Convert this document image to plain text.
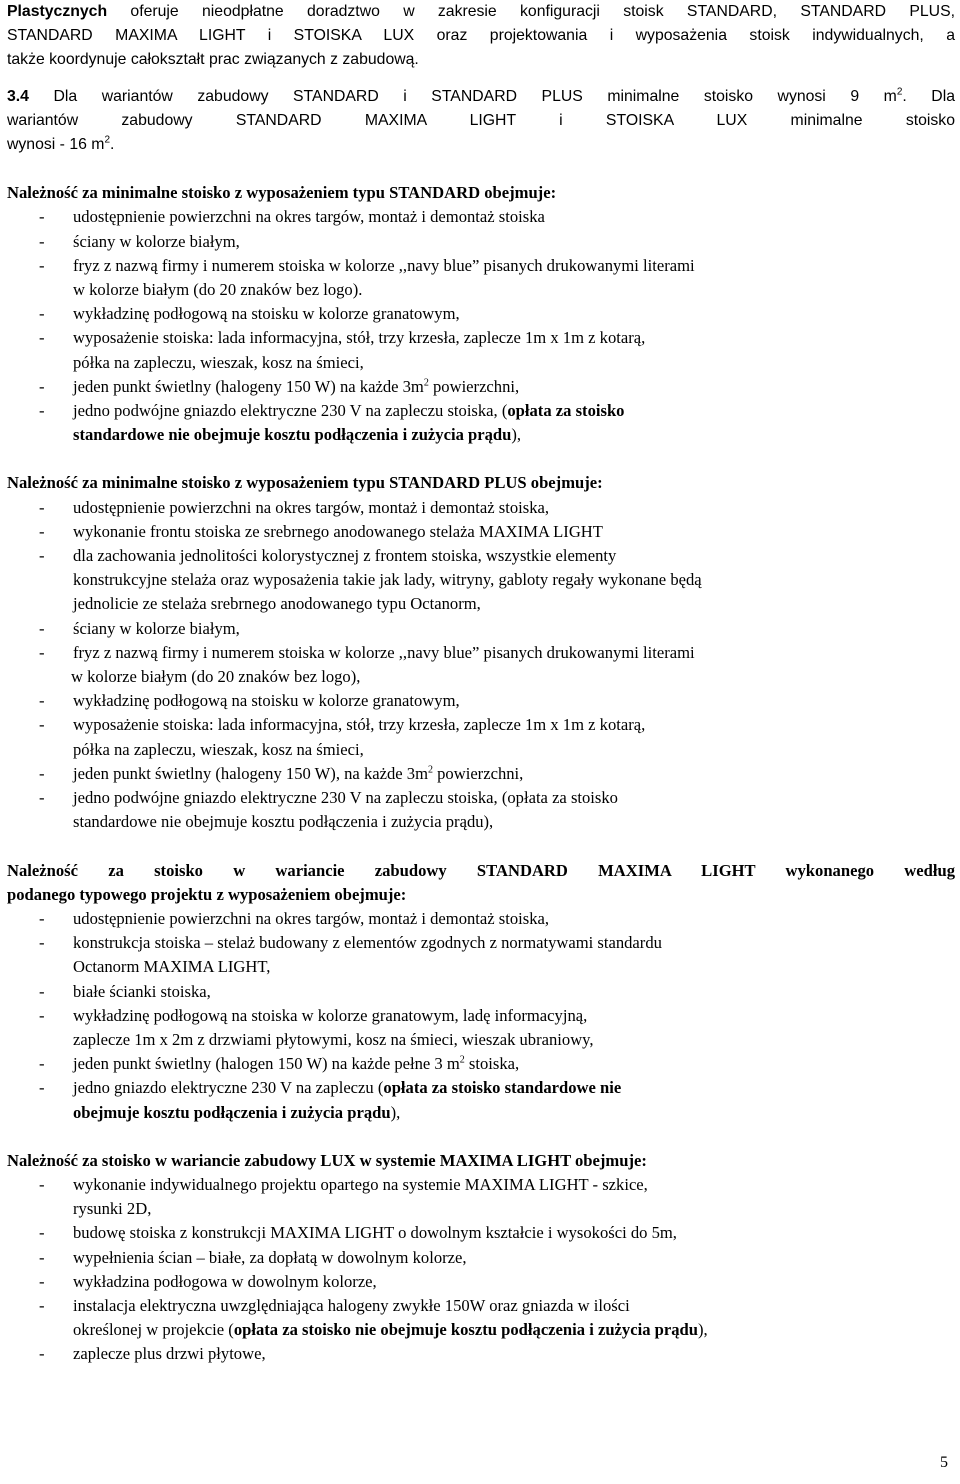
Plastycznych oferuje nieodpłatne doradztwo w zakresie konfiguracji stoisk STANDARD, STANDARD PLUS,
STANDARD MAXIMA LIGHT i STOISKA LUX oraz projektowania i wyposażenia stoisk indywidualnych, a
także koordynuje całokształt prac związanych z zabudową.
3.4 Dla wariantów zabudowy STANDARD i STANDARD PLUS minimalne stoisko wynosi 9 $m^2$. Dla
wariantów zabudowy STANDARD MAXIMA LIGHT i STOISKA LUX minimalne stoisko
wynosi - 16 $m^2$.
Należność za minimalne stoisko z wyposażeniem typu STANDARD obejmuje:
- udostępnienie powierzchni na okres targów, montaż i demontaż stoiska
- ściany w kolorze białym,
- fryz z nazwą firmy i numerem stoiska w kolorze ,,navy blue” pisanych drukowanymi literami
w kolorze białym (do 20 znaków bez logo).
- wykładzinę podłogową na stoisku w kolorze granatowym,
- wyposażenie stoiska: lada informacyjna, stół, trzy krzesła, zaplecze 1m x 1m z kotarą,
półka na zapleczu, wieszak, kosz na śmieci,
- jeden punkt świetlny (halogeny 150 W) na każde $3m^2$ powierzchni,
- jedno podwójne gniazdo elektryczne 230 V na zapleczu stoiska, (opłata za stoisko
standardowe nie obejmuje kosztu podłączenia i zużycia prądu),
Należność za minimalne stoisko z wyposażeniem typu STANDARD PLUS obejmuje:
- udostępnienie powierzchni na okres targów, montaż i demontaż stoiska,
- wykonanie frontu stoiska ze srebrnego anodowanego stelaża MAXIMA LIGHT
- dla zachowania jednolitości kolorystycznej z frontem stoiska, wszystkie elementy
konstrukcyjne stelaża oraz wyposażenia takie jak lady, witryny, gabloty regały wykonane będą
jednolicie ze stelaża srebrnego anodowanego typu Octanorm,
- ściany w kolorze białym,
- fryz z nazwą firmy i numerem stoiska w kolorze ,,navy blue” pisanych drukowanymi literami
w kolorze białym (do 20 znaków bez logo),
- wykładzinę podłogową na stoisku w kolorze granatowym,
- wyposażenie stoiska: lada informacyjna, stół, trzy krzesła, zaplecze 1m x 1m z kotarą,
półka na zapleczu, wieszak, kosz na śmieci,
- jeden punkt świetlny (halogeny 150 W), na każde $3m^2$ powierzchni,
- jedno podwójne gniazdo elektryczne 230 V na zapleczu stoiska, (opłata za stoisko
standardowe nie obejmuje kosztu podłączenia i zużycia prądu),
Należność za stoisko w wariancie zabudowy STANDARD MAXIMA LIGHT wykonanego według
podanego typowego projektu z wyposażeniem obejmuje:
- udostępnienie powierzchni na okres targów, montaż i demontaż stoiska,
- konstrukcja stoiska – stelaż budowany z elementów zgodnych z normatywami standardu
Octanorm MAXIMA LIGHT,
- białe ścianki stoiska,
- wykładzinę podłogową na stoiska w kolorze granatowym, ladę informacyjną,
zaplecze 1m x 2m z drzwiami płytowymi, kosz na śmieci, wieszak ubraniowy,
- jeden punkt świetlny (halogen 150 W) na każde pełne 3 $m^2$ stoiska,
- jedno gniazdo elektryczne 230 V na zapleczu (opłata za stoisko standardowe nie
obejmuje kosztu podłączenia i zużycia prądu),
Należność za stoisko w wariancie zabudowy LUX w systemie MAXIMA LIGHT obejmuje:
- wykonanie indywidualnego projektu opartego na systemie MAXIMA LIGHT - szkice,
rysunki 2D,
- budowę stoiska z konstrukcji MAXIMA LIGHT o dowolnym kształcie i wysokości do 5m,
- wypełnienia ścian – białe, za dopłatą w dowolnym kolorze,
- wykładzina podłogowa w dowolnym kolorze,
- instalacja elektryczna uwzględniająca halogeny zwykłe 150W oraz gniazda w ilości
określonej w projekcie (opłata za stoisko nie obejmuje kosztu podłączenia i zużycia prądu),
- zaplecze plus drzwi płytowe,
5
